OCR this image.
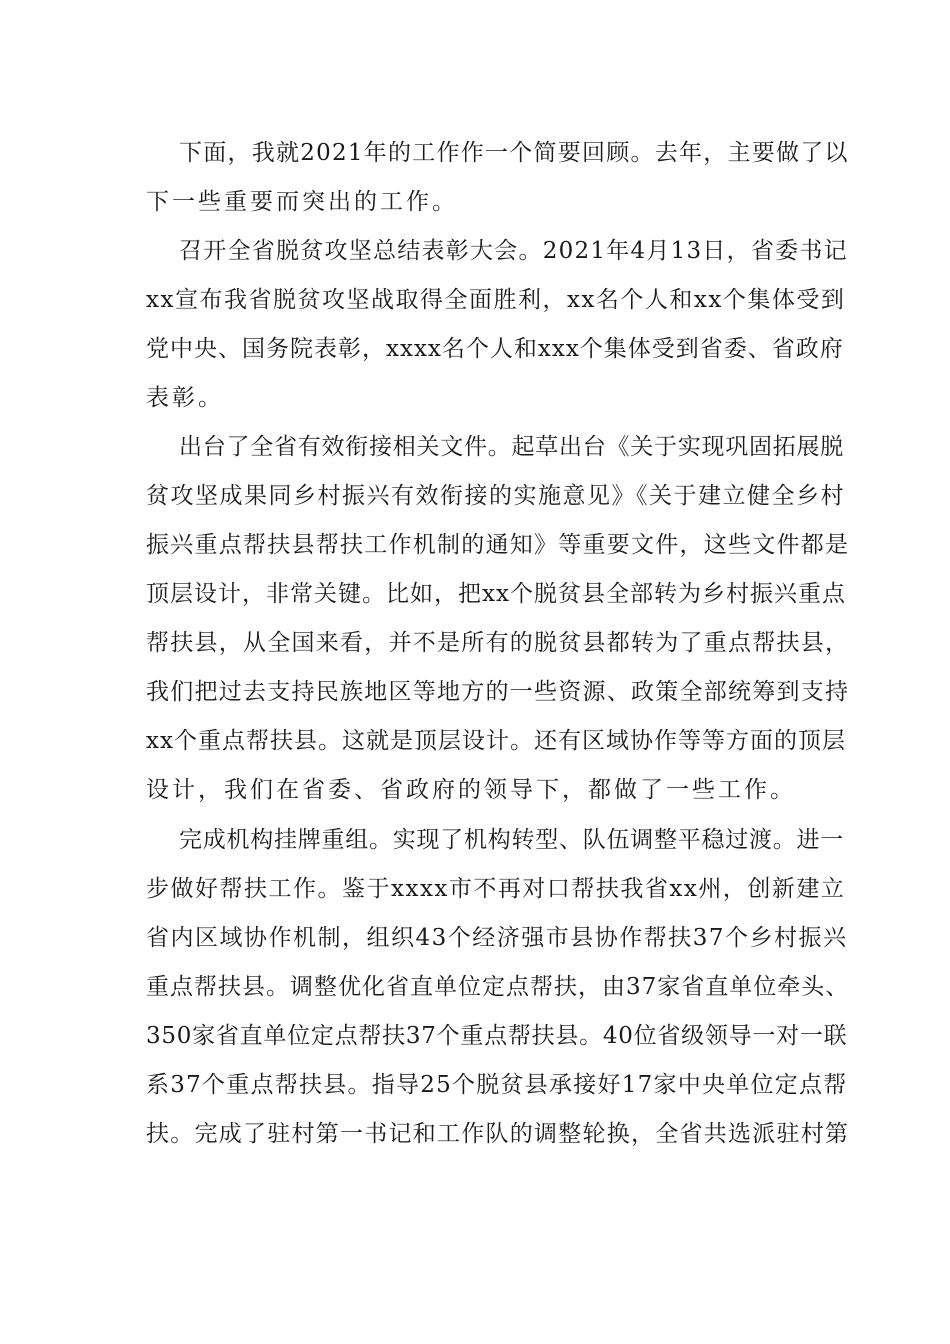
下面，我就2021年的工作作一个简要回顾。去年，主要做了以

下一些重要而突出的工作。

召开全省脱贫攻坚总结表彰大会。2021年4月13日，省委书记

xx宣布我省脱贫攻坚战取得全面胜利，xx名个人和xx个集体受到

党中央、国务院表彰，xxxx名个人和xxx个集体受到省委、省政府

表彰。

出台了全省有效衔接相关文件。起草出台《关于实现巩固拓展脱

贫攻坚成果同乡村振兴有效衔接的实施意见》《关于建立健全乡村

振兴重点帮扶县帮扶工作机制的通知》等重要文件，这些文件都是

顶层设计，非常关键。比如，把xx个脱贫县全部转为乡村振兴重点

帮扶县，从全国来看，并不是所有的脱贫县都转为了重点帮扶县，

我们把过去支持民族地区等地方的一些资源、政策全部统筹到支持

xx个重点帮扶县。这就是顶层设计。还有区域协作等等方面的顶层

设计，我们在省委、省政府的领导下，都做了一些工作。

完成机构挂牌重组。实现了机构转型、队伍调整平稳过渡。进一

步做好帮扶工作。鉴于xxxx市不再对口帮扶我省xx州，创新建立

省内区域协作机制，组织43个经济强市县协作帮扶37个乡村振兴

重点帮扶县。调整优化省直单位定点帮扶，由37家省直单位牵头、

350家省直单位定点帮扶37个重点帮扶县。40位省级领导一对一联

系37个重点帮扶县。指导25个脱贫县承接好17家中央单位定点帮

扶。完成了驻村第一书记和工作队的调整轮换，全省共选派驻村第
